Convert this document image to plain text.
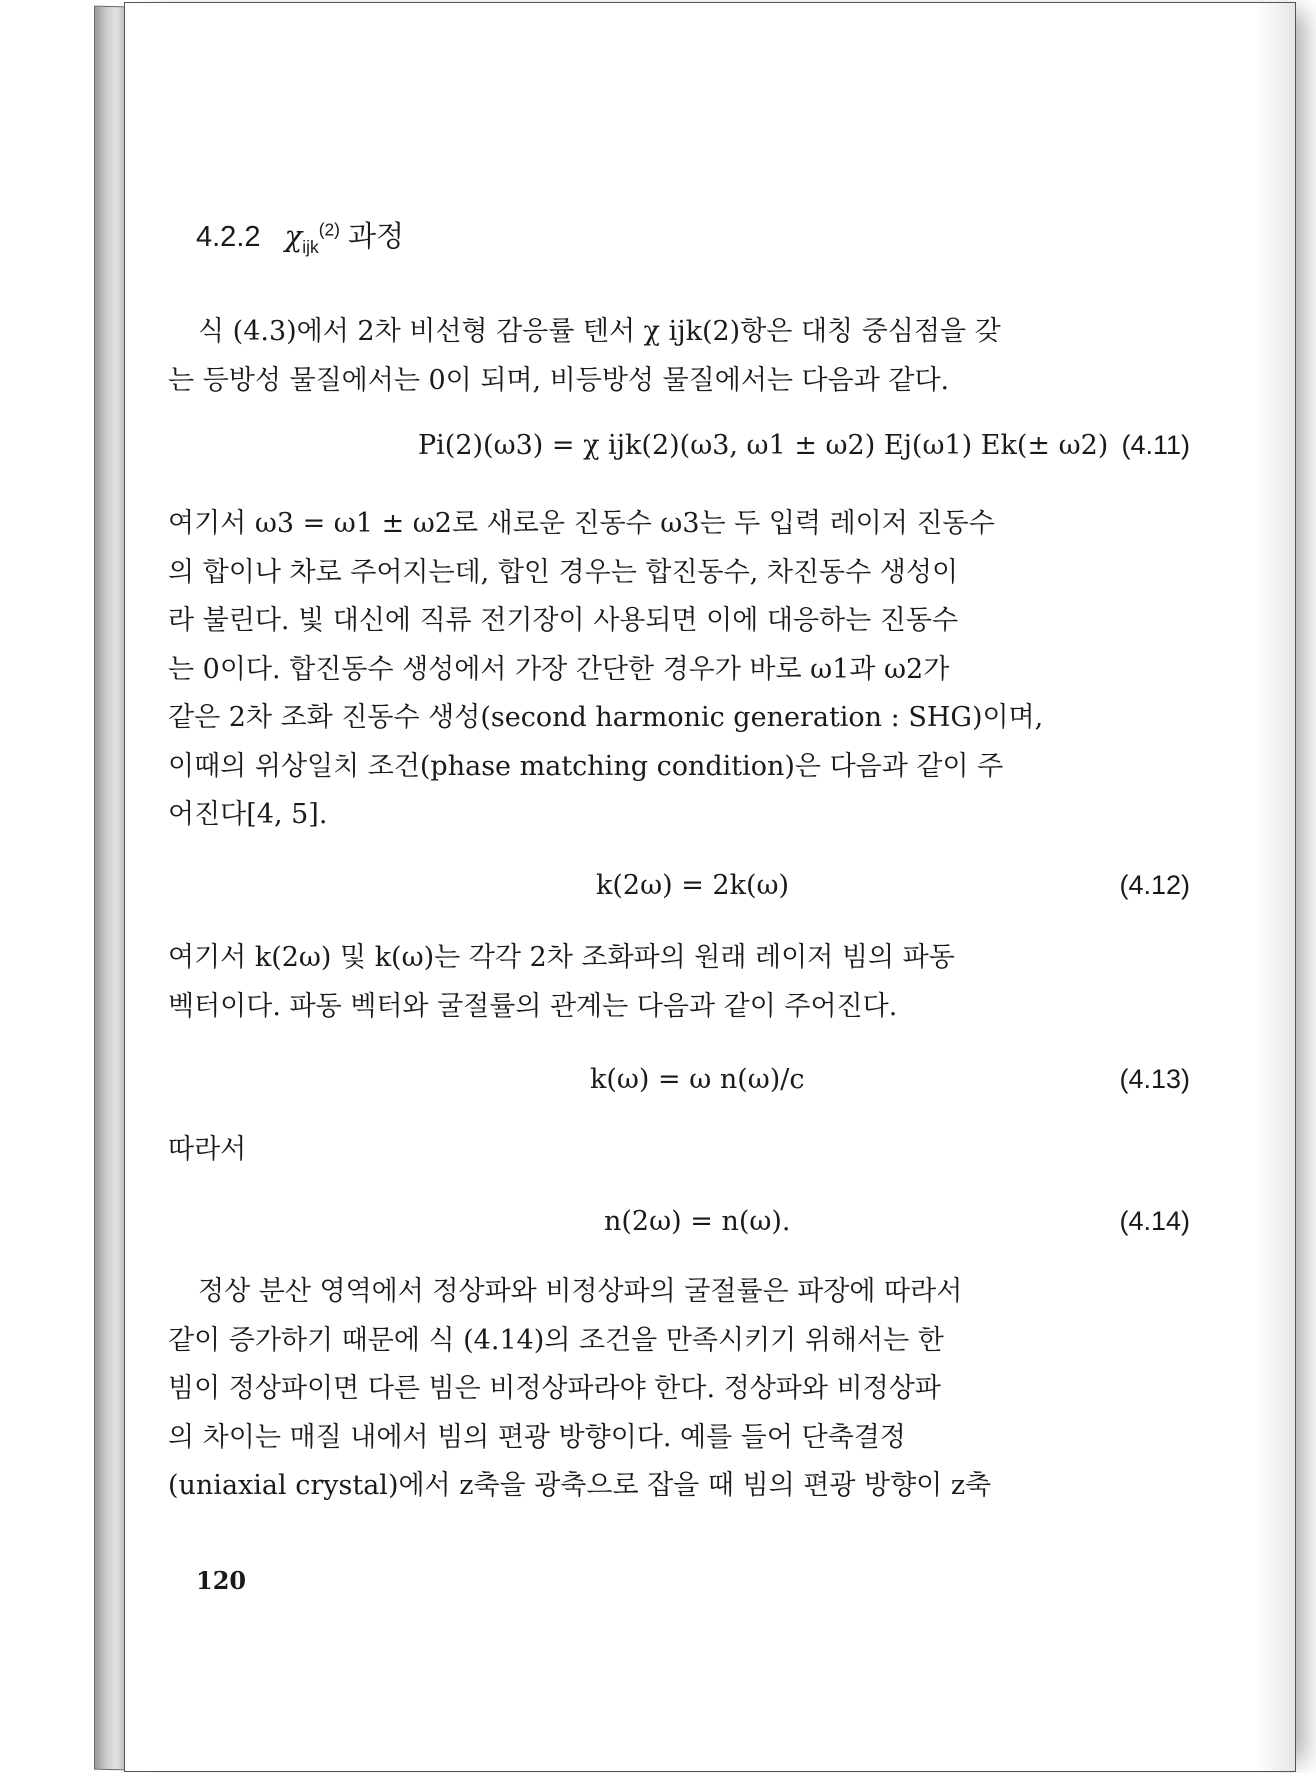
4.2.2 $\chi_{ijk}^{(2)}$ 과정

식 (4.3)에서 2차 비선형 감응률 텐서 χ ijk(2)항은 대칭 중심점을 갖

는 등방성 물질에서는 0이 되며, 비등방성 물질에서는 다음과 같다.

Pi(2)(ω3) = χ ijk(2)(ω3, ω1 ± ω2) Ej(ω1) Ek(± ω2) (4.11)

여기서 ω3 = ω1 ± ω2로 새로운 진동수 ω3는 두 입력 레이저 진동수

의 합이나 차로 주어지는데, 합인 경우는 합진동수, 차진동수 생성이

라 불린다. 빛 대신에 직류 전기장이 사용되면 이에 대응하는 진동수

는 0이다. 합진동수 생성에서 가장 간단한 경우가 바로 ω1과 ω2가

같은 2차 조화 진동수 생성(second harmonic generation : SHG)이며,

이때의 위상일치 조건(phase matching condition)은 다음과 같이 주

어진다[4, 5].

k(2ω) = 2k(ω)	(4.12)

여기서 k(2ω) 및 k(ω)는 각각 2차 조화파의 원래 레이저 빔의 파동

벡터이다. 파동 벡터와 굴절률의 관계는 다음과 같이 주어진다.

k(ω) = ω n(ω)/c	(4.13)

따라서

n(2ω) = n(ω).	(4.14)

정상 분산 영역에서 정상파와 비정상파의 굴절률은 파장에 따라서

같이 증가하기 때문에 식 (4.14)의 조건을 만족시키기 위해서는 한

빔이 정상파이면 다른 빔은 비정상파라야 한다. 정상파와 비정상파

의 차이는 매질 내에서 빔의 편광 방향이다. 예를 들어 단축결정

(uniaxial crystal)에서 z축을 광축으로 잡을 때 빔의 편광 방향이 z축

120
